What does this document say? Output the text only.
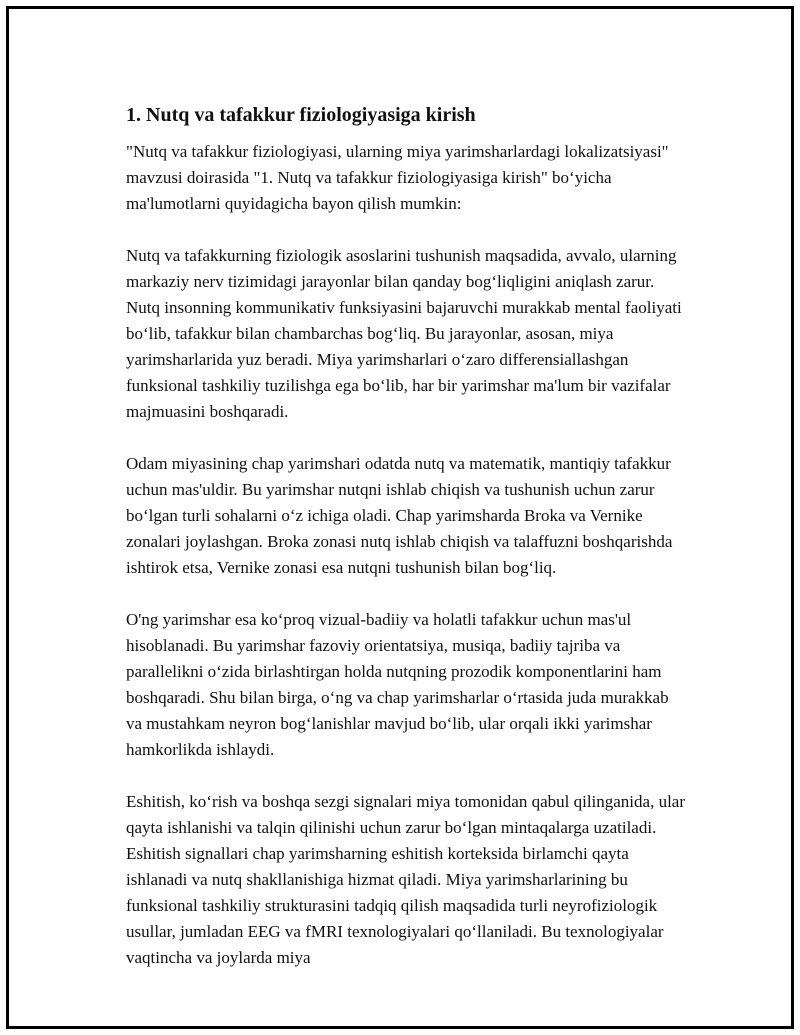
1. Nutq va tafakkur fiziologiyasiga kirish

"Nutq va tafakkur fiziologiyasi, ularning miya yarimsharlardagi lokalizatsiyasi" mavzusi doirasida "1. Nutq va tafakkur fiziologiyasiga kirish" bo‘yicha ma'lumotlarni quyidagicha bayon qilish mumkin:

Nutq va tafakkurning fiziologik asoslarini tushunish maqsadida, avvalo, ularning markaziy nerv tizimidagi jarayonlar bilan qanday bog‘liqligini aniqlash zarur. Nutq insonning kommunikativ funksiyasini bajaruvchi murakkab mental faoliyati bo‘lib, tafakkur bilan chambarchas bog‘liq. Bu jarayonlar, asosan, miya yarimsharlarida yuz beradi. Miya yarimsharlari o‘zaro differensiallashgan funksional tashkiliy tuzilishga ega bo‘lib, har bir yarimshar ma'lum bir vazifalar majmuasini boshqaradi.

Odam miyasining chap yarimshari odatda nutq va matematik, mantiqiy tafakkur uchun mas'uldir. Bu yarimshar nutqni ishlab chiqish va tushunish uchun zarur bo‘lgan turli sohalarni o‘z ichiga oladi. Chap yarimsharda Broka va Vernike zonalari joylashgan. Broka zonasi nutq ishlab chiqish va talaffuzni boshqarishda ishtirok etsa, Vernike zonasi esa nutqni tushunish bilan bog‘liq.

O'ng yarimshar esa ko‘proq vizual-badiiy va holatli tafakkur uchun mas'ul hisoblanadi. Bu yarimshar fazoviy orientatsiya, musiqa, badiiy tajriba va parallelikni o‘zida birlashtirgan holda nutqning prozodik komponentlarini ham boshqaradi. Shu bilan birga, o‘ng va chap yarimsharlar o‘rtasida juda murakkab va mustahkam neyron bog‘lanishlar mavjud bo‘lib, ular orqali ikki yarimshar hamkorlikda ishlaydi.

Eshitish, ko‘rish va boshqa sezgi signalari miya tomonidan qabul qilinganida, ular qayta ishlanishi va talqin qilinishi uchun zarur bo‘lgan mintaqalarga uzatiladi. Eshitish signallari chap yarimsharning eshitish korteksida birlamchi qayta ishlanadi va nutq shakllanishiga hizmat qiladi. Miya yarimsharlarining bu funksional tashkiliy strukturasini tadqiq qilish maqsadida turli neyrofiziologik usullar, jumladan EEG va fMRI texnologiyalari qo‘llaniladi. Bu texnologiyalar vaqtincha va joylarda miya
